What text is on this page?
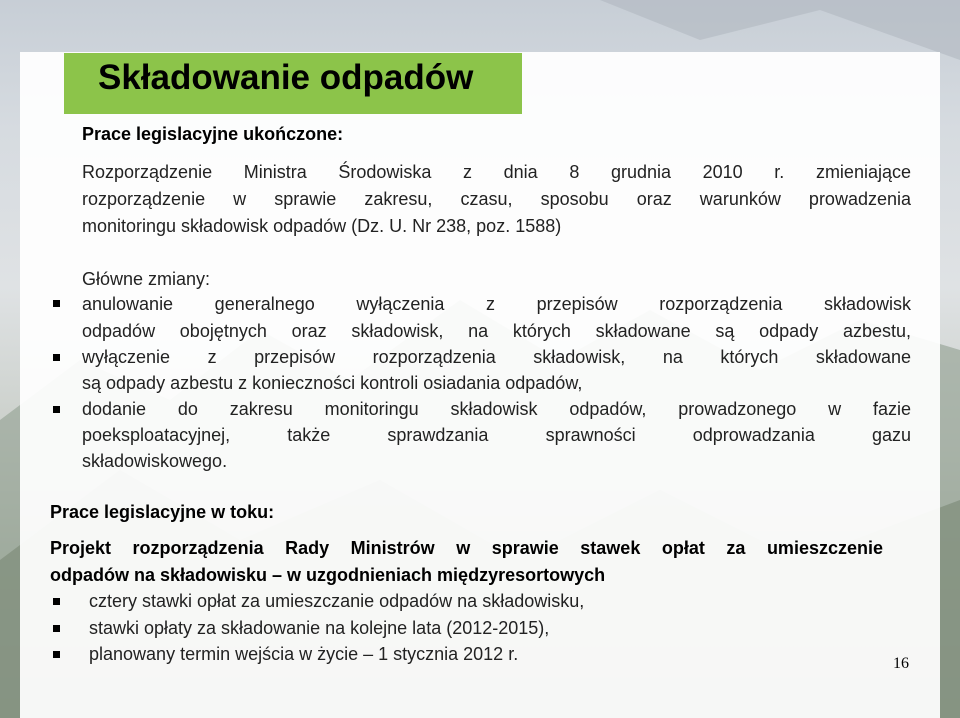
Składowanie odpadów
Prace legislacyjne ukończone:
Rozporządzenie Ministra Środowiska z dnia 8 grudnia 2010 r. zmieniające
rozporządzenie w sprawie zakresu, czasu, sposobu oraz warunków prowadzenia
monitoringu składowisk odpadów (Dz. U. Nr 238, poz. 1588)
Główne zmiany:
anulowanie generalnego wyłączenia z przepisów rozporządzenia składowisk
odpadów obojętnych oraz składowisk, na których składowane są odpady azbestu,
wyłączenie z przepisów rozporządzenia składowisk, na których składowane
są odpady azbestu z konieczności kontroli osiadania odpadów,
dodanie do zakresu monitoringu składowisk odpadów, prowadzonego w fazie
poeksploatacyjnej, także sprawdzania sprawności odprowadzania gazu
składowiskowego.
Prace legislacyjne w toku:
Projekt rozporządzenia Rady Ministrów w sprawie stawek opłat za umieszczenie
odpadów na składowisku – w uzgodnieniach międzyresortowych
cztery stawki opłat za umieszczanie odpadów na składowisku,
stawki opłaty za składowanie na kolejne lata (2012-2015),
planowany termin wejścia w życie – 1 stycznia 2012 r.	16
